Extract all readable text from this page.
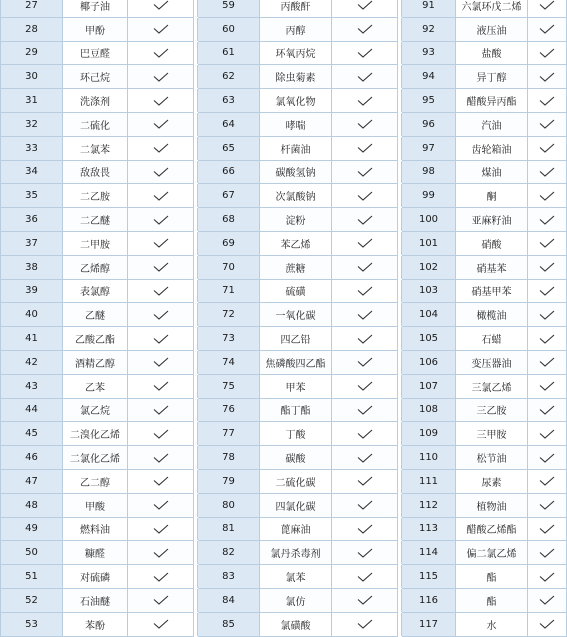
27	椰子油			59	丙酸酐			91	六氯环戊二烯	

28	甲酚			60	丙醇			92	液压油	

29	巴豆醛			61	环氧丙烷			93	盐酸	

30	环己烷			62	除虫菊素			94	异丁醇	

31	洗涤剂			63	氯氧化物			95	醋酸异丙酯	

32	二硫化			64	哮喘			96	汽油	

33	二氯苯			65	杆菌油			97	齿轮箱油	

34	敌敌畏			66	碳酸氢钠			98	煤油	

35	二乙胺			67	次氯酸钠			99	酮	

36	二乙醚			68	淀粉			100	亚麻籽油	

37	二甲胺			69	苯乙烯			101	硝酸	

38	乙烯醇			70	蔗糖			102	硝基苯	

39	表氯醇			71	硫磺			103	硝基甲苯	

40	乙醚			72	一氧化碳			104	橄榄油	

41	乙酸乙酯			73	四乙铅			105	石蜡	

42	酒精乙醇			74	焦磷酸四乙酯			106	变压器油	

43	乙苯			75	甲苯			107	三氯乙烯	

44	氯乙烷			76	酯丁酯			108	三乙胺	

45	二溴化乙烯			77	丁酸			109	三甲胺	

46	二氯化乙烯			78	碳酸			110	松节油	

47	乙二醇			79	二硫化碳			111	尿素	

48	甲酸			80	四氯化碳			112	植物油	

49	燃料油			81	蓖麻油			113	醋酸乙烯酯	

50	糠醛			82	氯丹杀毒剂			114	偏二氯乙烯	

51	对硫磷			83	氯苯			115	酯	

52	石油醚			84	氯仿			116	酯	

53	苯酚			85	氯磺酸			117	水	
